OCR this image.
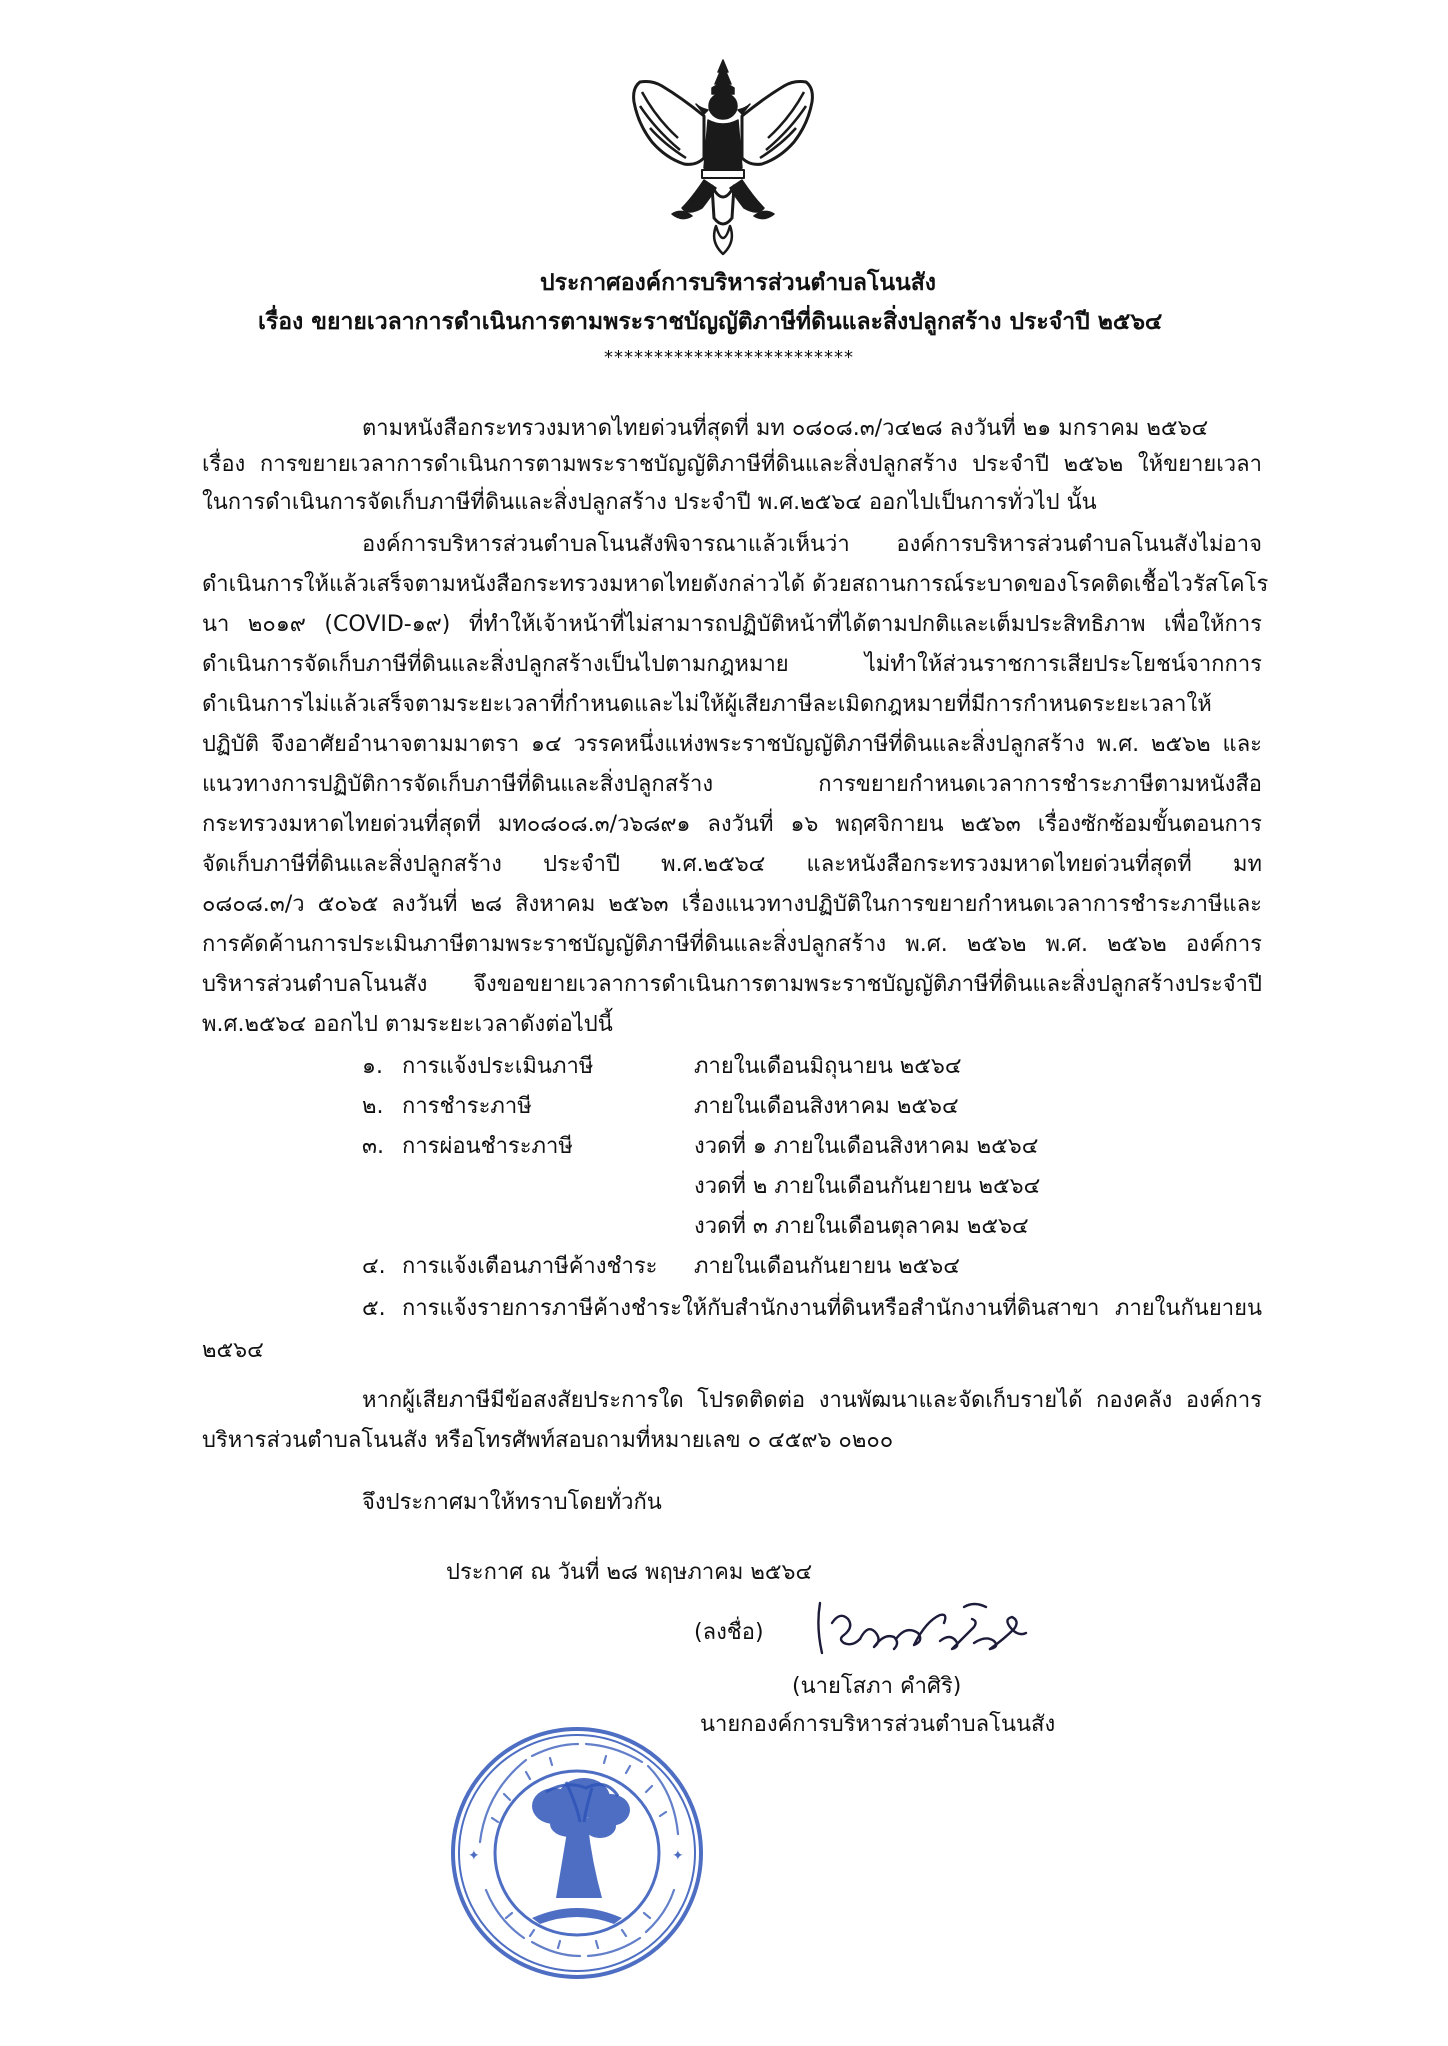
ประกาศองค์การบริหารส่วนตำบลโนนสัง

เรื่อง ขยายเวลาการดำเนินการตามพระราชบัญญัติภาษีที่ดินและสิ่งปลูกสร้าง ประจำปี ๒๕๖๔

*************************

ตามหนังสือกระทรวงมหาดไทยด่วนที่สุดที่ มท ๐๘๐๘.๓/ว๔๒๘ ลงวันที่ ๒๑ มกราคม ๒๕๖๔

เรื่อง การขยายเวลาการดำเนินการตามพระราชบัญญัติภาษีที่ดินและสิ่งปลูกสร้าง ประจำปี ๒๕๖๒ ให้ขยายเวลา

ในการดำเนินการจัดเก็บภาษีที่ดินและสิ่งปลูกสร้าง ประจำปี พ.ศ.๒๕๖๔ ออกไปเป็นการทั่วไป นั้น

องค์การบริหารส่วนตำบลโนนสังพิจารณาแล้วเห็นว่า องค์การบริหารส่วนตำบลโนนสังไม่อาจ

ดำเนินการให้แล้วเสร็จตามหนังสือกระทรวงมหาดไทยดังกล่าวได้ ด้วยสถานการณ์ระบาดของโรคติดเชื้อไวรัสโคโร

นา ๒๐๑๙ (COVID-๑๙) ที่ทำให้เจ้าหน้าที่ไม่สามารถปฏิบัติหน้าที่ได้ตามปกติและเต็มประสิทธิภาพ เพื่อให้การ

ดำเนินการจัดเก็บภาษีที่ดินและสิ่งปลูกสร้างเป็นไปตามกฎหมาย ไม่ทำให้ส่วนราชการเสียประโยชน์จากการ

ดำเนินการไม่แล้วเสร็จตามระยะเวลาที่กำหนดและไม่ให้ผู้เสียภาษีละเมิดกฎหมายที่มีการกำหนดระยะเวลาให้

ปฏิบัติ จึงอาศัยอำนาจตามมาตรา ๑๔ วรรคหนึ่งแห่งพระราชบัญญัติภาษีที่ดินและสิ่งปลูกสร้าง พ.ศ. ๒๕๖๒ และ

แนวทางการปฏิบัติการจัดเก็บภาษีที่ดินและสิ่งปลูกสร้าง การขยายกำหนดเวลาการชำระภาษีตามหนังสือ

กระทรวงมหาดไทยด่วนที่สุดที่ มท๐๘๐๘.๓/ว๖๘๙๑ ลงวันที่ ๑๖ พฤศจิกายน ๒๕๖๓ เรื่องซักซ้อมขั้นตอนการ

จัดเก็บภาษีที่ดินและสิ่งปลูกสร้าง ประจำปี พ.ศ.๒๕๖๔ และหนังสือกระทรวงมหาดไทยด่วนที่สุดที่ มท

๐๘๐๘.๓/ว ๕๐๖๕ ลงวันที่ ๒๘ สิงหาคม ๒๕๖๓ เรื่องแนวทางปฏิบัติในการขยายกำหนดเวลาการชำระภาษีและ

การคัดค้านการประเมินภาษีตามพระราชบัญญัติภาษีที่ดินและสิ่งปลูกสร้าง พ.ศ. ๒๕๖๒ พ.ศ. ๒๕๖๒ องค์การ

บริหารส่วนตำบลโนนสัง จึงขอขยายเวลาการดำเนินการตามพระราชบัญญัติภาษีที่ดินและสิ่งปลูกสร้างประจำปี

พ.ศ.๒๕๖๔ ออกไป ตามระยะเวลาดังต่อไปนี้

๑. การแจ้งประเมินภาษี	ภายในเดือนมิถุนายน ๒๕๖๔
๒. การชำระภาษี	ภายในเดือนสิงหาคม ๒๕๖๔
๓. การผ่อนชำระภาษี	งวดที่ ๑ ภายในเดือนสิงหาคม ๒๕๖๔
งวดที่ ๒ ภายในเดือนกันยายน ๒๕๖๔
งวดที่ ๓ ภายในเดือนตุลาคม ๒๕๖๔
๔. การแจ้งเตือนภาษีค้างชำระ ภายในเดือนกันยายน ๒๕๖๔
๕. การแจ้งรายการภาษีค้างชำระให้กับสำนักงานที่ดินหรือสำนักงานที่ดินสาขา ภายในกันยายน
๒๕๖๔

หากผู้เสียภาษีมีข้อสงสัยประการใด โปรดติดต่อ งานพัฒนาและจัดเก็บรายได้ กองคลัง องค์การ

บริหารส่วนตำบลโนนสัง หรือโทรศัพท์สอบถามที่หมายเลข ๐ ๔๕๙๖ ๐๒๐๐

จึงประกาศมาให้ทราบโดยทั่วกัน

ประกาศ ณ วันที่ ๒๘ พฤษภาคม ๒๕๖๔

(ลงชื่อ)

(นายโสภา คำศิริ)

นายกองค์การบริหารส่วนตำบลโนนสัง

✦	✦
